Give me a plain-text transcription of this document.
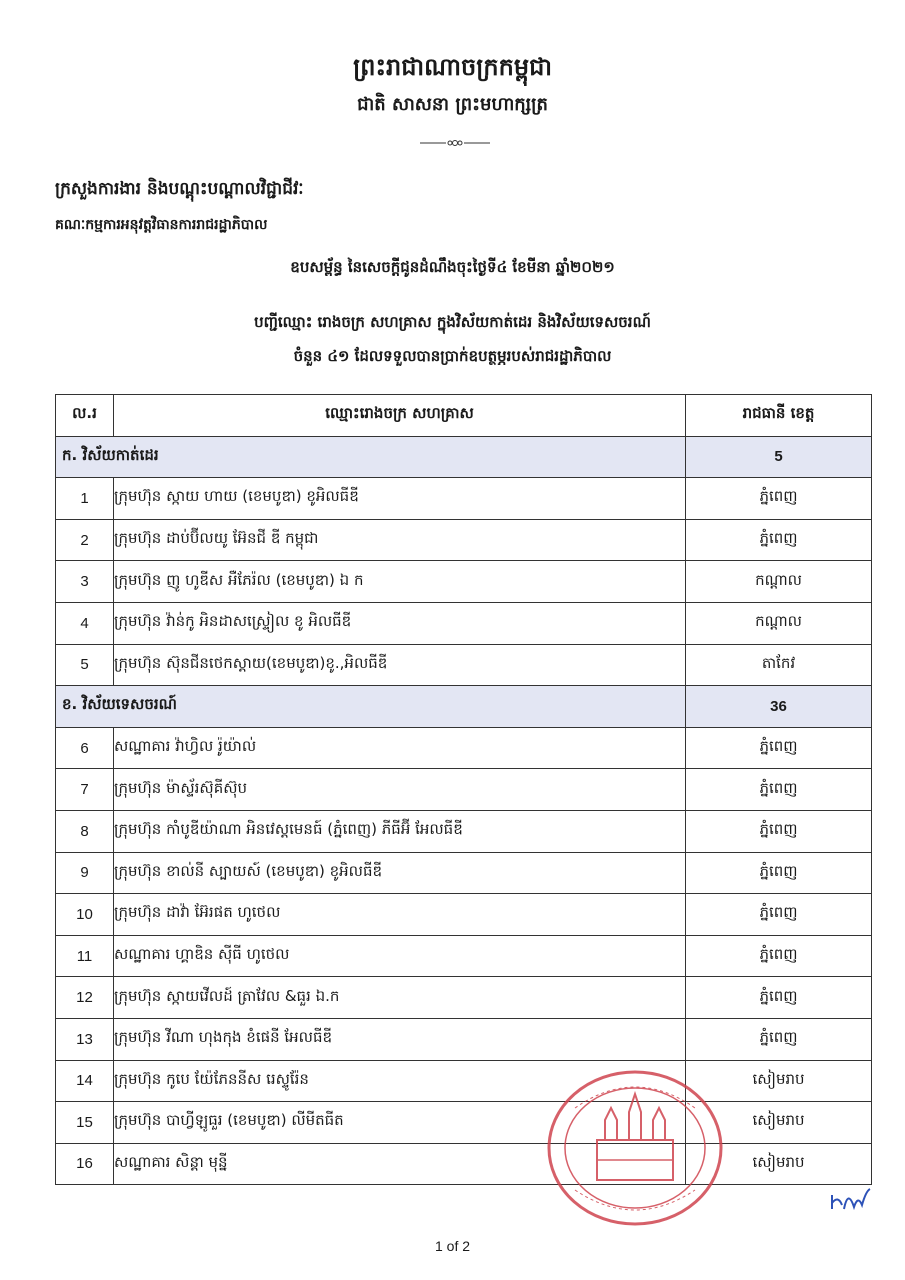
ព្រះរាជាណាចក្រកម្ពុជា
ជាតិ សាសនា ព្រះមហាក្សត្រ
ក្រសួងការងារ និងបណ្តុះបណ្តាលវិជ្ជាជីវៈ
គណៈកម្មការអនុវត្តវិធានការរាជរដ្ឋាភិបាល
ឧបសម្ព័ន្ធ នៃសេចក្តីជូនដំណឹងចុះថ្ងៃទី៤ ខែមីនា ឆ្នាំ២០២១
បញ្ជីឈ្មោះ រោងចក្រ សហគ្រាស ក្នុងវិស័យកាត់ដេរ និងវិស័យទេសចរណ៍
ចំនួន ៤១ ដែលទទួលបានប្រាក់ឧបត្ថម្ភរបស់រាជរដ្ឋាភិបាល
ល.រ	ឈ្មោះរោងចក្រ សហគ្រាស	រាជធានី ខេត្ត
ក. វិស័យកាត់ដេរ		5
1	ក្រុមហ៊ុន ស្កាយ ហាយ (ខេមបូឌា) ខូអិលធីឌី	ភ្នំពេញ
2	ក្រុមហ៊ុន ដាប់ប៊ីលយូ អ៊ែនជី ឌី កម្ពុជា	ភ្នំពេញ
3	ក្រុមហ៊ុន ញូ ហូឌីស អឺភែរ៉ល (ខេមបូឌា) ឯ ក	កណ្តាល
4	ក្រុមហ៊ុន វ៉ាន់កូ អិនដាសស្ទ្រៀល ខូ អិលធីឌី	កណ្តាល
5	ក្រុមហ៊ុន ស៊ុនជីនថេកស្តាយ(ខេមបូឌា)ខូ.,អិលធីឌី	តាកែវ
ខ. វិស័យទេសចរណ៍		36
6	សណ្ឋាគារ វ៉ាហ្វិល រ៉ូយ៉ាល់	ភ្នំពេញ
7	ក្រុមហ៊ុន ម៉ាស្ទ័រស៊ុគីស៊ុប	ភ្នំពេញ
8	ក្រុមហ៊ុន កាំបូឌីយ៉ាណា អិនវេស្តមេនធ៍ (ភ្នំពេញ) ភីធីអ៊ី អែលធីឌី	ភ្នំពេញ
9	ក្រុមហ៊ុន ខាល់នី ស្បាយស៍ (ខេមបូឌា) ខូអិលធីឌី	ភ្នំពេញ
10	ក្រុមហ៊ុន ដាវ៉ា អ៊ែរផត ហូថេល	ភ្នំពេញ
11	សណ្ឋាគារ ហ្គាឌិន ស៊ីធី ហូថេល	ភ្នំពេញ
12	ក្រុមហ៊ុន ស្កាយវើលដ៍ ត្រាវែល &ធួរ ឯ.ក	ភ្នំពេញ
13	ក្រុមហ៊ុន វីណា ហុងកុង ខំផេនី អែលធីឌី	ភ្នំពេញ
14	ក្រុមហ៊ុន កូបេ យ៉ែភែននីស រេស្ទូរ៉ែន	សៀមរាប
15	ក្រុមហ៊ុន បាហ្វីឡូធួរ (ខេមបូឌា) លីមីតធីត	សៀមរាប
16	សណ្ឋាគារ សិន្តា មុន្នី	សៀមរាប
1 of 2
